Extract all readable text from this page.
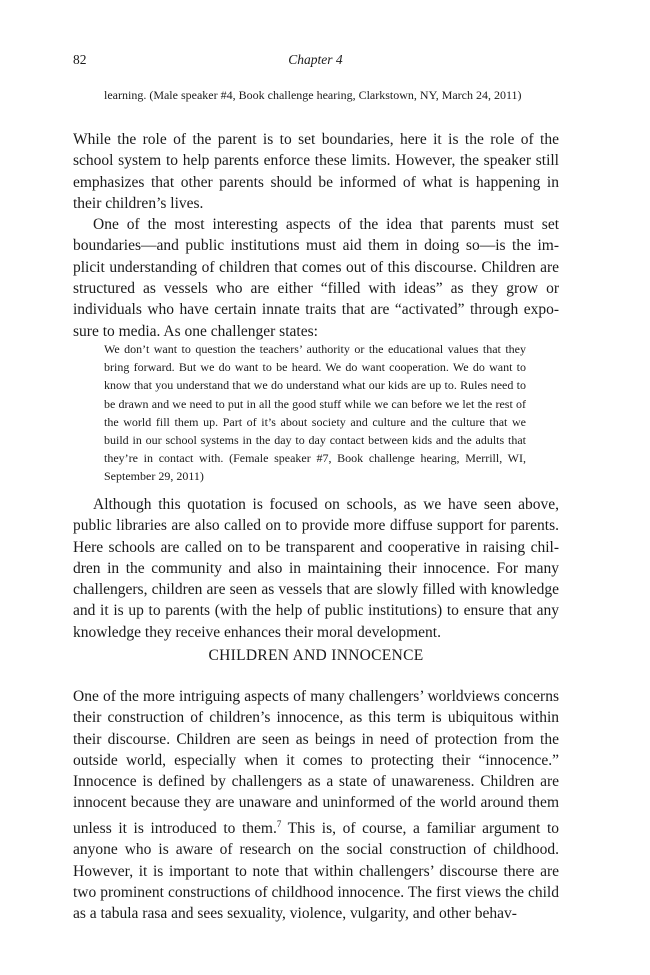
82	Chapter 4

learning. (Male speaker #4, Book challenge hearing, Clarkstown, NY, March 24, 2011)

While the role of the parent is to set boundaries, here it is the role of the school system to help parents enforce these limits. However, the speaker still emphasizes that other parents should be informed of what is happening in their children’s lives.

One of the most interesting aspects of the idea that parents must set boundaries—and public institutions must aid them in doing so—is the implicit understanding of children that comes out of this discourse. Children are structured as vessels who are either “filled with ideas” as they grow or individuals who have certain innate traits that are “activated” through exposure to media. As one challenger states:

We don’t want to question the teachers’ authority or the educational values that they bring forward. But we do want to be heard. We do want cooperation. We do want to know that you understand that we do understand what our kids are up to. Rules need to be drawn and we need to put in all the good stuff while we can before we let the rest of the world fill them up. Part of it’s about society and culture and the culture that we build in our school systems in the day to day contact between kids and the adults that they’re in contact with. (Female speaker #7, Book challenge hearing, Merrill, WI, September 29, 2011)

Although this quotation is focused on schools, as we have seen above, public libraries are also called on to provide more diffuse support for parents. Here schools are called on to be transparent and cooperative in raising children in the community and also in maintaining their innocence. For many challengers, children are seen as vessels that are slowly filled with knowledge and it is up to parents (with the help of public institutions) to ensure that any knowledge they receive enhances their moral development.

CHILDREN AND INNOCENCE

One of the more intriguing aspects of many challengers’ worldviews concerns their construction of children’s innocence, as this term is ubiquitous within their discourse. Children are seen as beings in need of protection from the outside world, especially when it comes to protecting their “innocence.” Innocence is defined by challengers as a state of unawareness. Children are innocent because they are unaware and uninformed of the world around them unless it is introduced to them.$^7$ This is, of course, a familiar argument to anyone who is aware of research on the social construction of childhood. However, it is important to note that within challengers’ discourse there are two prominent constructions of childhood innocence. The first views the child as a tabula rasa and sees sexuality, violence, vulgarity, and other behav-
